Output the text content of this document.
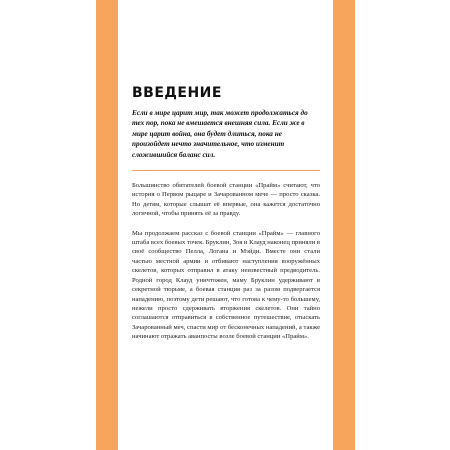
ВВЕДЕНИЕ

Если в мире царит мир, так может продолжаться до тех пор, пока не вмешается внешняя сила. Если же в мире царит война, она будет длиться, пока не произойдет нечто значительное, что изменит сложившийся баланс сил.

Большинство обитателей боевой станции «Прайм» считают, что история о Первом рыцаре и Зачарованном мече — просто сказка. Но детям, которые слышат её впервые, она кажется достаточно логичной, чтобы принять её за правду.

Мы продолжаем рассказ с боевой станции «Прайм» — главного штаба всех боевых точек. Бруклин, Зоя и Клауд наконец приняли в своё сообщество Пелла, Логана и Мэйди. Вместе они стали частью местной армии и отбивают наступления вооружённых скелетов, которых отправил в атаку неизвестный предводитель. Родной город Клауд уничтожен, маму Бруклин удерживают в секретной тюрьме, а боевая станция раз за разом подвергается нападению, поэтому дети решают, что готова к чему-то большему, нежели просто сдерживать вторжения скелетов. Они тайно соглашаются отправиться в собственное путешествие, отыскать Зачарованный меч, спасти мир от бесконечных нападений, а также начинают отражать аванпосты возле боевой станции «Прайм».
